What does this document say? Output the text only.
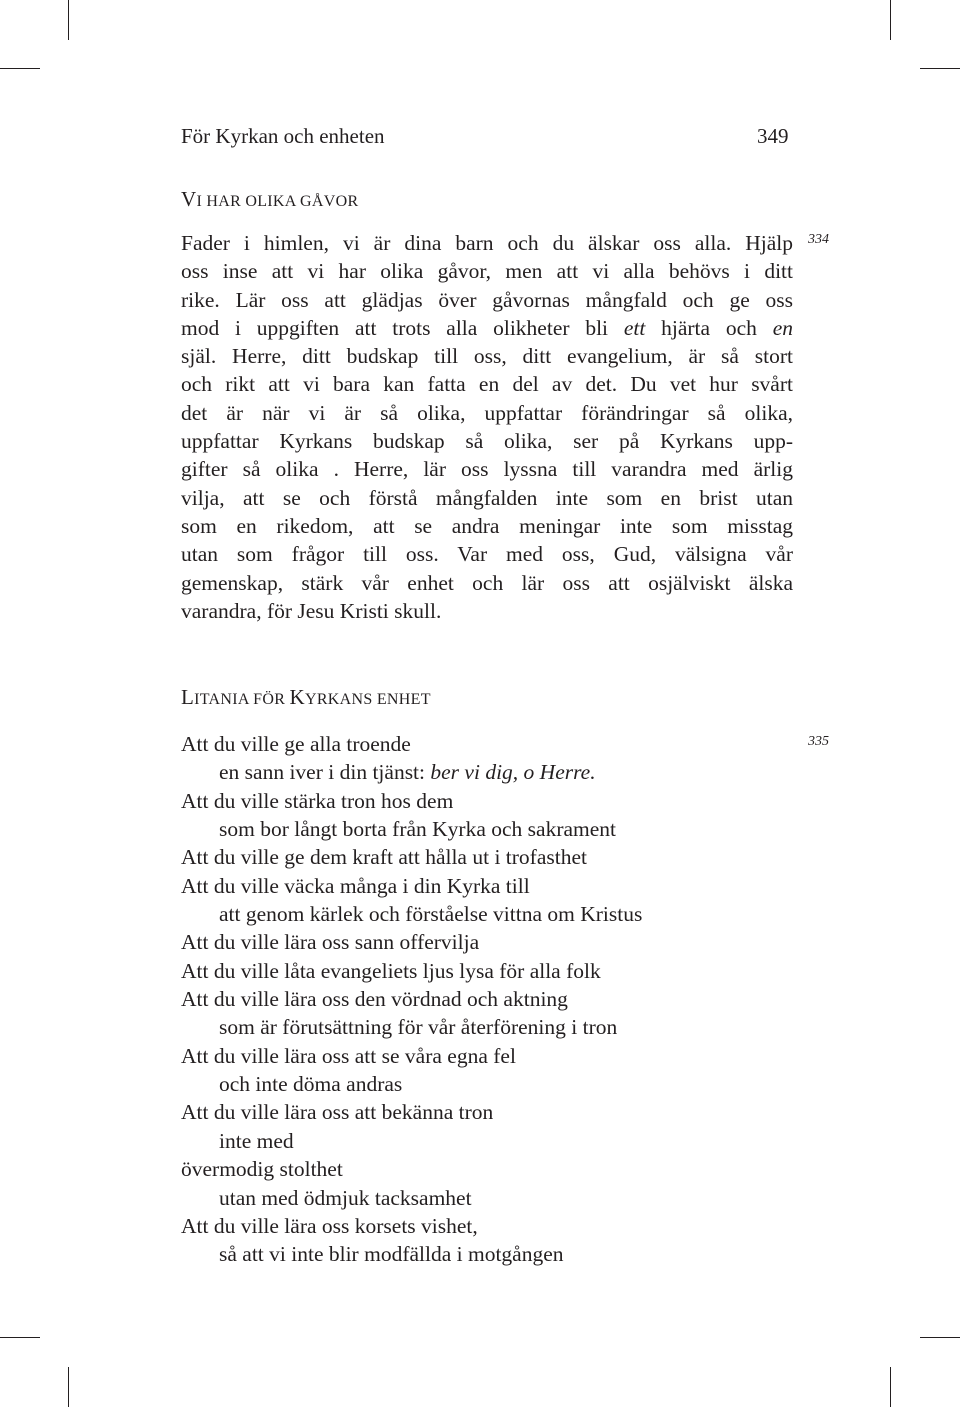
För Kyrkan och enheten	349
VI HAR OLIKA GÅVOR
Fader i himlen, vi är dina barn och du älskar oss alla. Hjälp
oss inse att vi har olika gåvor, men att vi alla behövs i ditt
rike. Lär oss att glädjas över gåvornas mångfald och ge oss
mod i uppgiften att trots alla olikheter bli ett hjärta och en
själ. Herre, ditt budskap till oss, ditt evangelium, är så stort
och rikt att vi bara kan fatta en del av det. Du vet hur svårt
det är när vi är så olika, uppfattar förändringar så olika,
uppfattar Kyrkans budskap så olika, ser på Kyrkans upp-
gifter så olika . Herre, lär oss lyssna till varandra med ärlig
vilja, att se och förstå mångfalden inte som en brist utan
som en rikedom, att se andra meningar inte som misstag
utan som frågor till oss. Var med oss, Gud, välsigna vår
gemenskap, stärk vår enhet och lär oss att osjälviskt älska
varandra, för Jesu Kristi skull.
334
LITANIA FÖR KYRKANS ENHET
Att du ville ge alla troende
en sann iver i din tjänst: ber vi dig, o Herre.
Att du ville stärka tron hos dem
som bor långt borta från Kyrka och sakrament
Att du ville ge dem kraft att hålla ut i trofasthet
Att du ville väcka många i din Kyrka till
att genom kärlek och förståelse vittna om Kristus
Att du ville lära oss sann offervilja
Att du ville låta evangeliets ljus lysa för alla folk
Att du ville lära oss den vördnad och aktning
som är förutsättning för vår återförening i tron
Att du ville lära oss att se våra egna fel
och inte döma andras
Att du ville lära oss att bekänna tron
inte med
övermodig stolthet
utan med ödmjuk tacksamhet
Att du ville lära oss korsets vishet,
så att vi inte blir modfällda i motgången
335
